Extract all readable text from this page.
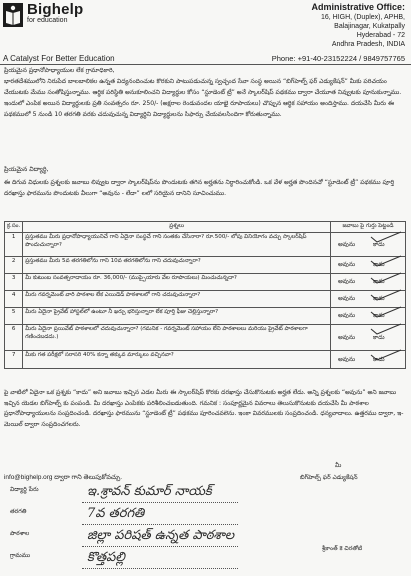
Bighelp
for education
A Catalyst For Better Education
Administrative Office:
16, HIGH, (Duplex), APHB,
Balajinagar, Kukatpally
Hyderabad - 72
Andhra Pradesh, INDIA
Phone: +91-40-23152224 / 9849757765
ప్రియమైన ప్రధానోపాధ్యాయుల లేక గ్రామాధికారి,
భారతదేశములోని నిరుపేద బాలబాలికల ఉన్నత విద్యనందించుట కొరకుని పాటుపడుచున్న స్వచ్ఛంద సేవా సంస్థ అయిన “బిగ్‌హెల్ప్ ఫర్ ఎడ్యుకేషన్” మీకు పరిచయం చేయుటకు మేము సంతోషిస్తున్నాము. ఆర్థిక పరిస్థితి అనుకూలించని విద్యార్థుల కోసం “స్టూడెంట్ ట్రీ” అనే స్కాలర్‌షిప్ పథకము ద్వారా చేయూత నివ్వుటకు పూనుకున్నాము. ఇందులో ఎంపిక అయిన విద్యార్థులకు ప్రతి సంవత్సరం రూ. 250/- (అక్షరాల రెండువందల యాభై రూపాయలు) చొప్పున ఆర్థిక సహాయం అందిస్తాము. దయచేసి మీరు ఈ పథకములో 5 నుండి 10 తరగతి వరకు చదువుచున్న విద్యార్థిని విద్యార్థులను సిఫార్సు చేయవలసిందిగా కోరుతున్నాము.
ప్రియమైన విద్యార్థి,
ఈ దిగువ విధులకు ప్రశ్నలకు జవాబు లివ్వుట ద్వారా స్కాలర్‌షిప్‌ను పొందుటకు తగిన అర్హతను నిర్ధారించుకోండి. ఒక వేళ అర్హత పొందినచో “స్టూడెంట్ ట్రీ” పథకము పూర్తి దరఖాస్తు ఫారమును పొందుటకు వీలుగా “అవును - లేదా” లలో సరియైన దానిని సూచించుము.
క్ర.సం.	ప్రశ్నలు	జవాబు పై గుర్తు పెట్టండి
1	ప్రస్తుతము మీరు ప్రధానోపాధ్యాయునిచే గాని ఏదైనా సంస్థచే గాని సంతకం చేసినారా? రూ.500/- లోపు వినియోగం వచ్చు స్కాలర్‌షిప్ పొందుచున్నారా?	అవును కాదు

2	ప్రస్తుతము మీరు 5వ తరగతిలోను గాని 10వ తరగతిలోను గాని చదువుచున్నారా?	అవును కాదు

3	మీ కుటుంబ సంవత్సరాదాయం రూ. 36,000/- (ముప్పైయారు వేల రూపాయలు) మించుచున్నదా?	అవును కాదు

4	మీరు గవర్నమెంట్ వారి పాఠశాల లేక ఎయిడెడ్ పాఠశాలలో గాని చదువుచున్నారా?	అవును కాదు

5	మీరు ఏదైనా ప్రైవేట్ హాస్టల్‌లో ఉంటూ నీ ఖర్చు భరిస్తున్నారా లేక పూర్తి ఫీజు చెల్లిస్తున్నారా?	అవును కాదు

6	మీరు ఏదైనా ప్రయివేట్ పాఠశాలలో చదువుచున్నారా? (గమనిక - గవర్నమెంట్ సహాయం లేని పాఠశాలలు మరియు ప్రైవేట్ పాఠశాలగా గణించబడదు.)	అవును కాదు

7	మీకు గత పరీక్షలో సరాసరి 40% కన్నా తక్కువ మార్కులు వచ్చినవా?	అవును కాదు
పై వాటిలో ఏదైనా ఒక ప్రశ్నకు “కాదు” అని జవాబు ఇచ్చిన ఎడల మీరు ఈ స్కాలర్‌షిప్ కొరకు దరఖాస్తు చేసుకొనుటకు అర్హత లేదు. అన్ని ప్రశ్నలకు “అవును” అని జవాబు ఇచ్చిన యెడల బిగ్‌హెల్ప్ కు పంపండి. మీ దరఖాస్తు ఎంపికకు పరిశీలించబడుతుంది. గమనిక : సంపూర్ణమైన వివరాలు తెలుసుకొనుటకు దయచేసి మీ పాఠశాల ప్రధానోపాధ్యాయులను సంప్రదించండి. దరఖాస్తు ఫారమును “స్టూడెంట్ ట్రీ” పథకము పూరించవలెను. ఇంకా వివరములకు సంప్రదించండి. ధన్యవాదాలు. ఉత్తరము ద్వారా, ఇ-మెయిల్ ద్వారా సంప్రదించగలరు.
మీ
info@bighelp.org ద్వారా గాని తెలుపుకోవచ్చు.	బిగ్‌హెల్ప్ ఫర్ ఎడ్యుకేషన్
విద్యార్థి పేరు	ఇ.శ్రావన్ కుమార్ నాయక్
తరగతి	7వ తరగతి
పాఠశాల	జిల్లా పరిషత్ ఉన్నత పాఠశాల
గ్రామము	కొత్తపల్లి
శ్రీకాంత్ కె చిరతోటి
